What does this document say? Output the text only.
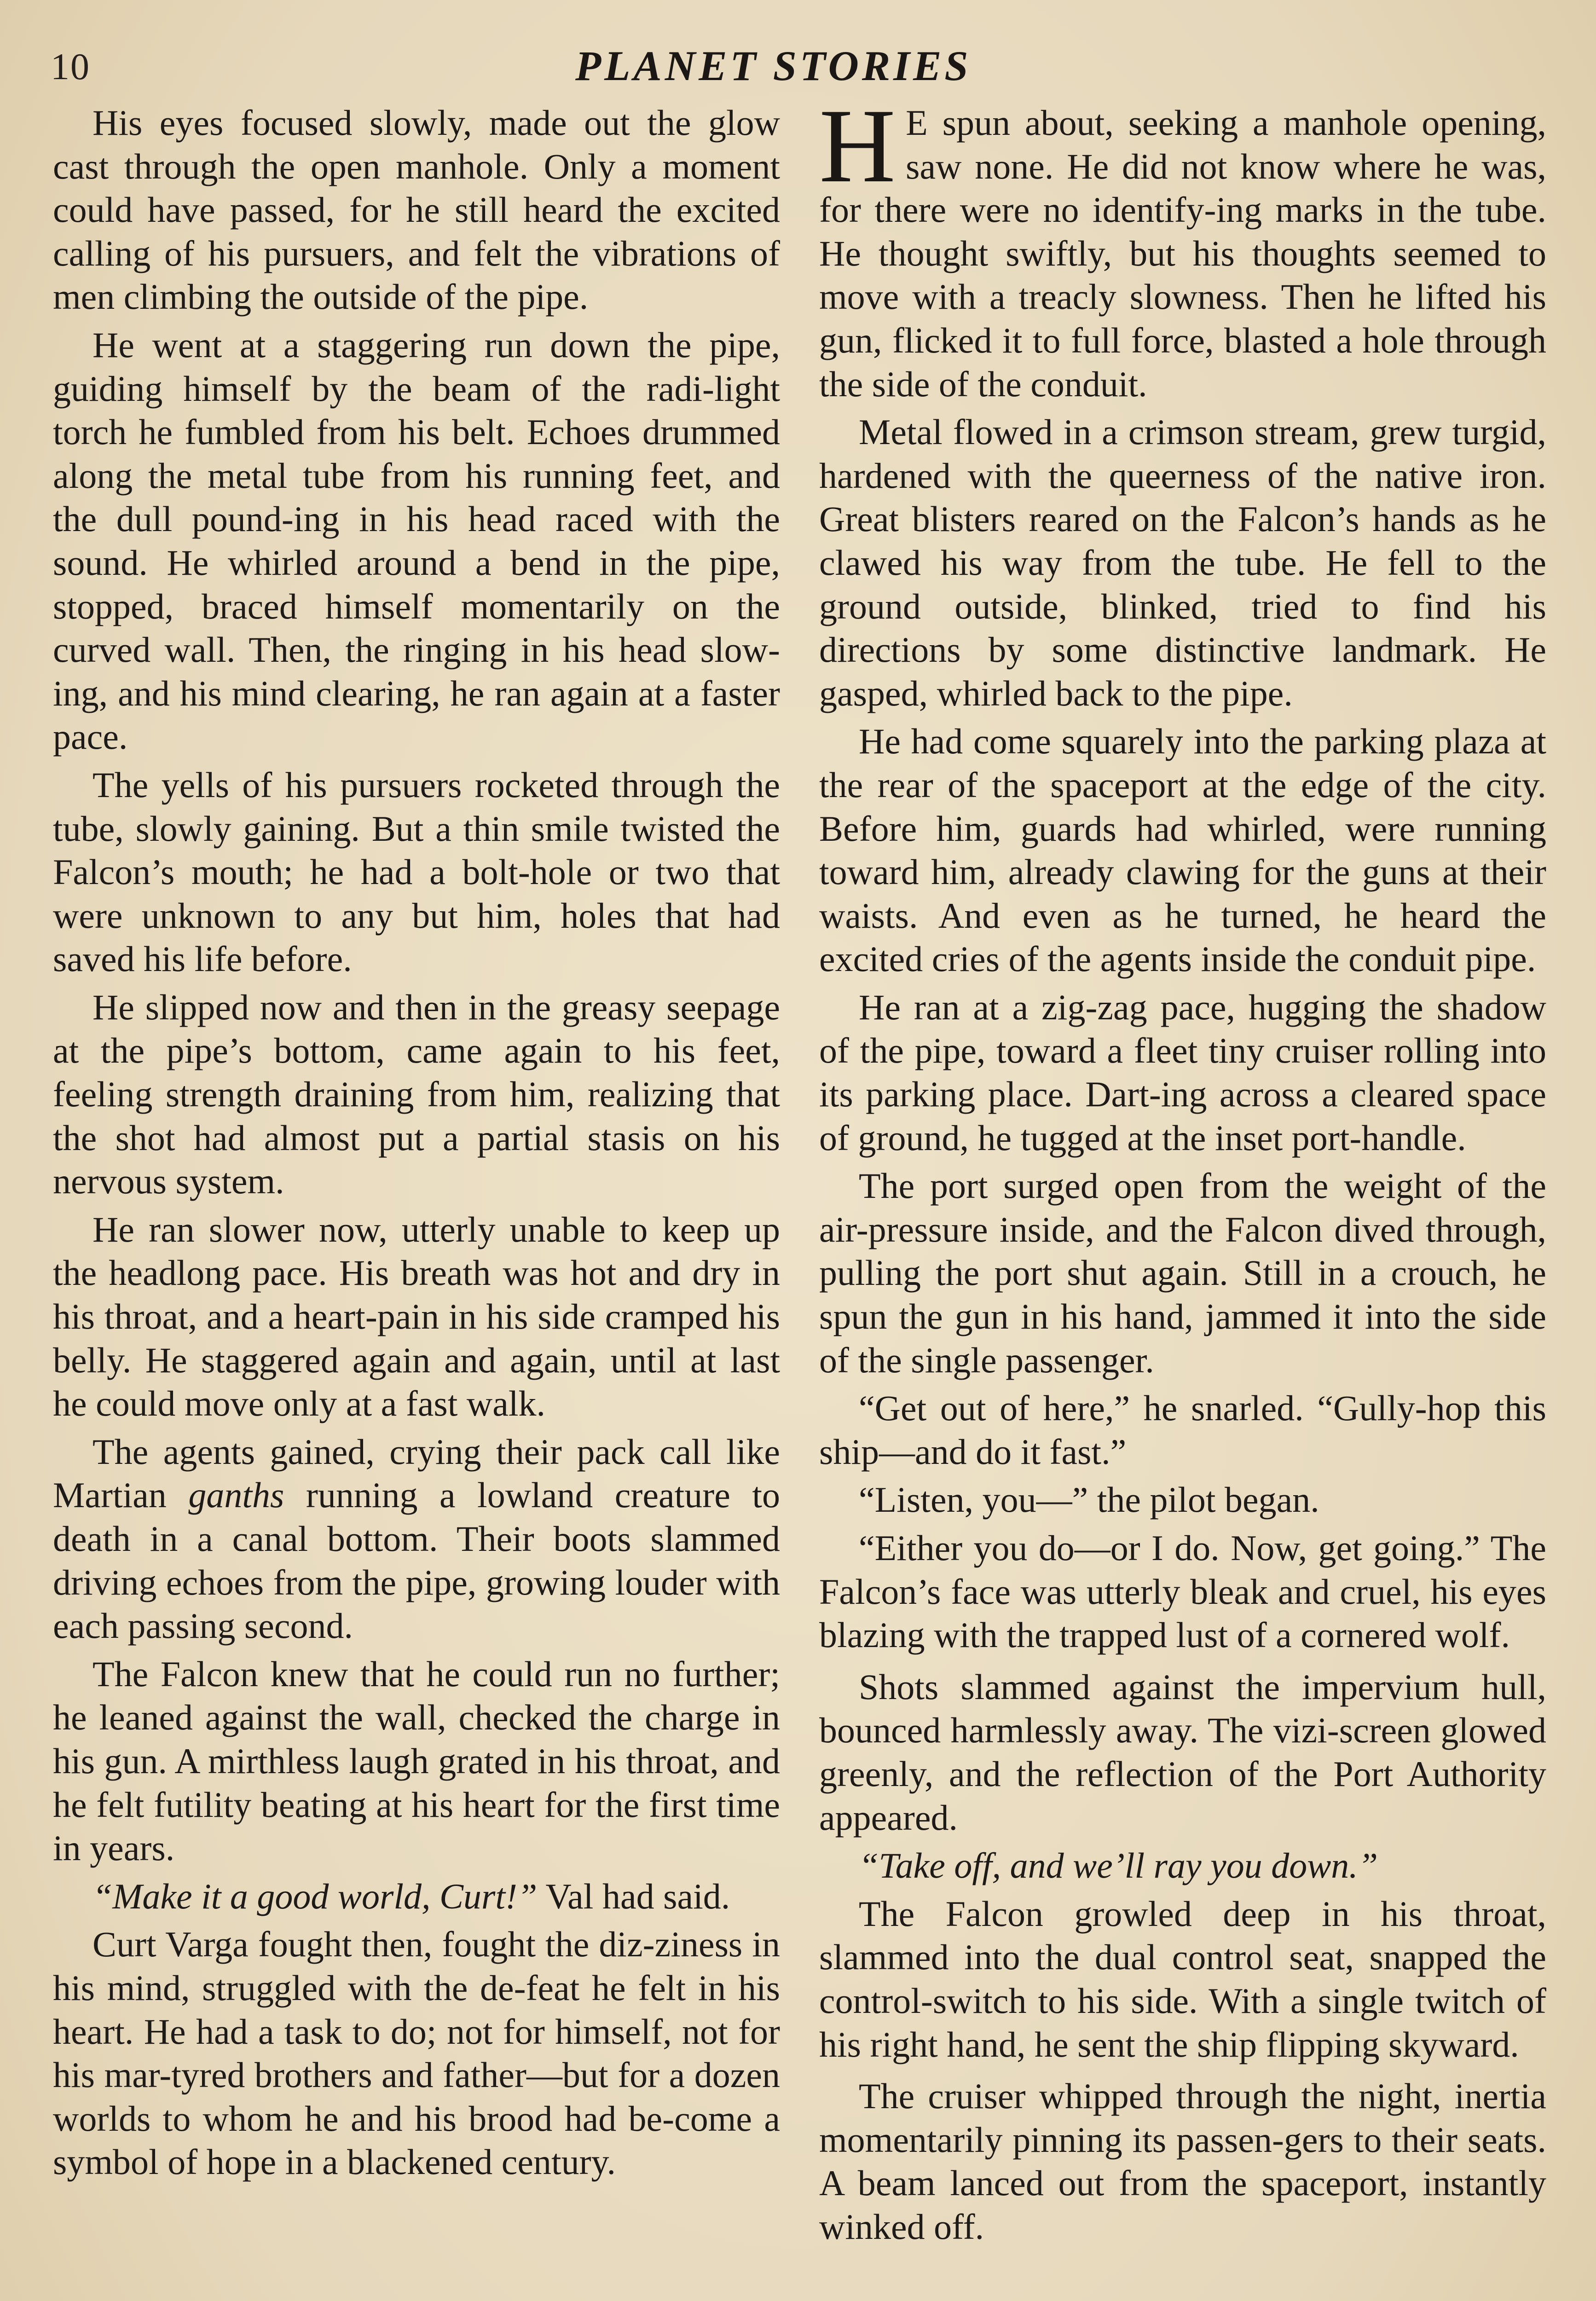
10	PLANET STORIES

His eyes focused slowly, made out the glow cast through the open manhole. Only a moment could have passed, for he still heard the excited calling of his pursuers, and felt the vibrations of men climbing the outside of the pipe.

He went at a staggering run down the pipe, guiding himself by the beam of the radi-light torch he fumbled from his belt. Echoes drummed along the metal tube from his running feet, and the dull pound-ing in his head raced with the sound. He whirled around a bend in the pipe, stopped, braced himself momentarily on the curved wall. Then, the ringing in his head slow-ing, and his mind clearing, he ran again at a faster pace.

The yells of his pursuers rocketed through the tube, slowly gaining. But a thin smile twisted the Falcon’s mouth; he had a bolt-hole or two that were unknown to any but him, holes that had saved his life before.

He slipped now and then in the greasy seepage at the pipe’s bottom, came again to his feet, feeling strength draining from him, realizing that the shot had almost put a partial stasis on his nervous system.

He ran slower now, utterly unable to keep up the headlong pace. His breath was hot and dry in his throat, and a heart-pain in his side cramped his belly. He staggered again and again, until at last he could move only at a fast walk.

The agents gained, crying their pack call like Martian ganths running a lowland creature to death in a canal bottom. Their boots slammed driving echoes from the pipe, growing louder with each passing second.

The Falcon knew that he could run no further; he leaned against the wall, checked the charge in his gun. A mirthless laugh grated in his throat, and he felt futility beating at his heart for the first time in years.

“Make it a good world, Curt!” Val had said.

Curt Varga fought then, fought the diz-ziness in his mind, struggled with the de-feat he felt in his heart. He had a task to do; not for himself, not for his mar-tyred brothers and father—but for a dozen worlds to whom he and his brood had be-come a symbol of hope in a blackened century.

H E spun about, seeking a manhole opening, saw none. He did not know where he was, for there were no identify-ing marks in the tube. He thought swiftly, but his thoughts seemed to move with a treacly slowness. Then he lifted his gun, flicked it to full force, blasted a hole through the side of the conduit.

Metal flowed in a crimson stream, grew turgid, hardened with the queerness of the native iron. Great blisters reared on the Falcon’s hands as he clawed his way from the tube. He fell to the ground outside, blinked, tried to find his directions by some distinctive landmark. He gasped, whirled back to the pipe.

He had come squarely into the parking plaza at the rear of the spaceport at the edge of the city. Before him, guards had whirled, were running toward him, already clawing for the guns at their waists. And even as he turned, he heard the excited cries of the agents inside the conduit pipe.

He ran at a zig-zag pace, hugging the shadow of the pipe, toward a fleet tiny cruiser rolling into its parking place. Dart-ing across a cleared space of ground, he tugged at the inset port-handle.

The port surged open from the weight of the air-pressure inside, and the Falcon dived through, pulling the port shut again. Still in a crouch, he spun the gun in his hand, jammed it into the side of the single passenger.

“Get out of here,” he snarled. “Gully-hop this ship—and do it fast.”

“Listen, you—” the pilot began.

“Either you do—or I do. Now, get going.” The Falcon’s face was utterly bleak and cruel, his eyes blazing with the trapped lust of a cornered wolf.

Shots slammed against the impervium hull, bounced harmlessly away. The vizi-screen glowed greenly, and the reflection of the Port Authority appeared.

“Take off, and we’ll ray you down.”

The Falcon growled deep in his throat, slammed into the dual control seat, snapped the control-switch to his side. With a single twitch of his right hand, he sent the ship flipping skyward.

The cruiser whipped through the night, inertia momentarily pinning its passen-gers to their seats. A beam lanced out from the spaceport, instantly winked off.
